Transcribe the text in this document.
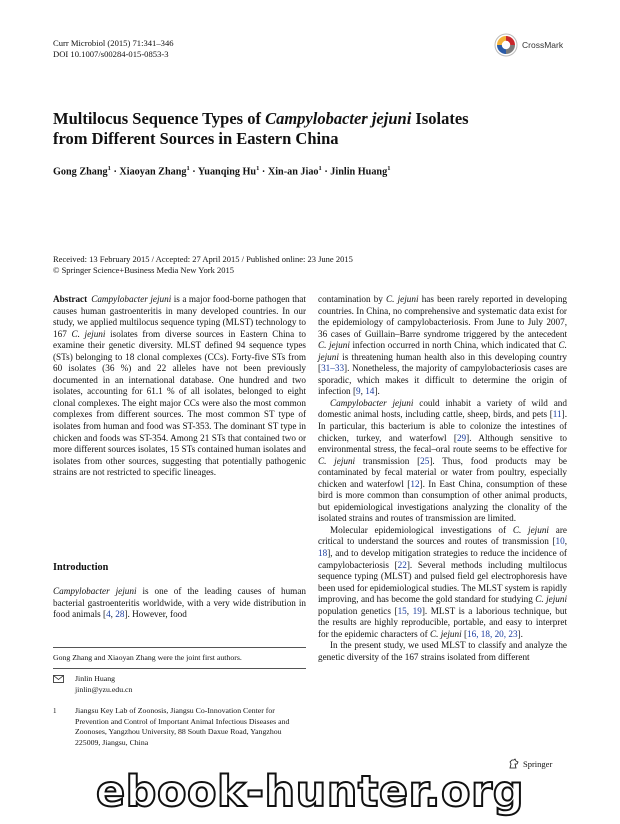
Curr Microbiol (2015) 71:341–346
DOI 10.1007/s00284-015-0853-3
CrossMark
Multilocus Sequence Types of Campylobacter jejuni Isolates
from Different Sources in Eastern China
Gong Zhang$^1$ · Xiaoyan Zhang$^1$ · Yuanqing $Hu^1 \cdot Xin-an$ Jiao$^1$ · Jinlin Huang$^1$
Received: 13 February 2015 / Accepted: 27 April 2015 / Published online: 23 June 2015
© Springer Science+Business Media New York 2015

Abstract Campylobacter jejuni is a major food-borne pathogen that causes human gastroenteritis in many developed countries. In our study, we applied multilocus sequence typing (MLST) technology to 167 C. jejuni isolates from diverse sources in Eastern China to examine their genetic diversity. MLST defined 94 sequence types (STs) belonging to 18 clonal complexes (CCs). Forty-five STs from 60 isolates (36 %) and 22 alleles have not been previously documented in an international database. One hundred and two isolates, accounting for 61.1 % of all isolates, belonged to eight clonal complexes. The eight major CCs were also the most common complexes from different sources. The most common ST type of isolates from human and food was ST-353. The dominant ST type in chicken and foods was ST-354. Among 21 STs that contained two or more different sources isolates, 15 STs contained human isolates and isolates from other sources, suggesting that potentially pathogenic strains are not restricted to specific lineages.

Introduction

Campylobacter jejuni is one of the leading causes of human bacterial gastroenteritis worldwide, with a very wide distribution in food animals [4, 28]. However, food

Gong Zhang and Xiaoyan Zhang were the joint first authors.
Jinlin Huang
jinlin@yzu.edu.cn
1 Jiangsu Key Lab of Zoonosis, Jiangsu Co-Innovation Center for Prevention and Control of Important Animal Infectious Diseases and Zoonoses, Yangzhou University, 88 South Daxue Road, Yangzhou 225009, Jiangsu, China

contamination by C. jejuni has been rarely reported in developing countries. In China, no comprehensive and systematic data exist for the epidemiology of campylobacteriosis. From June to July 2007, 36 cases of Guillain–Barre syndrome triggered by the antecedent C. jejuni infection occurred in north China, which indicated that C. jejuni is threatening human health also in this developing country [31–33]. Nonetheless, the majority of campylobacteriosis cases are sporadic, which makes it difficult to determine the origin of infection [9, 14].

Campylobacter jejuni could inhabit a variety of wild and domestic animal hosts, including cattle, sheep, birds, and pets [11]. In particular, this bacterium is able to colonize the intestines of chicken, turkey, and waterfowl [29]. Although sensitive to environmental stress, the fecal–oral route seems to be effective for C. jejuni transmission [25]. Thus, food products may be contaminated by fecal material or water from poultry, especially chicken and waterfowl [12]. In East China, consumption of these bird is more common than consumption of other animal products, but epidemiological investigations analyzing the clonality of the isolated strains and routes of transmission are limited.

Molecular epidemiological investigations of C. jejuni are critical to understand the sources and routes of transmission [10, 18], and to develop mitigation strategies to reduce the incidence of campylobacteriosis [22]. Several methods including multilocus sequence typing (MLST) and pulsed field gel electrophoresis have been used for epidemiological studies. The MLST system is rapidly improving, and has become the gold standard for studying C. jejuni population genetics [15, 19]. MLST is a laborious technique, but the results are highly reproducible, portable, and easy to interpret for the epidemic characters of C. jejuni [16, 18, 20, 23].

In the present study, we used MLST to classify and analyze the genetic diversity of the 167 strains isolated from different

Springer
ebook-hunter.org
